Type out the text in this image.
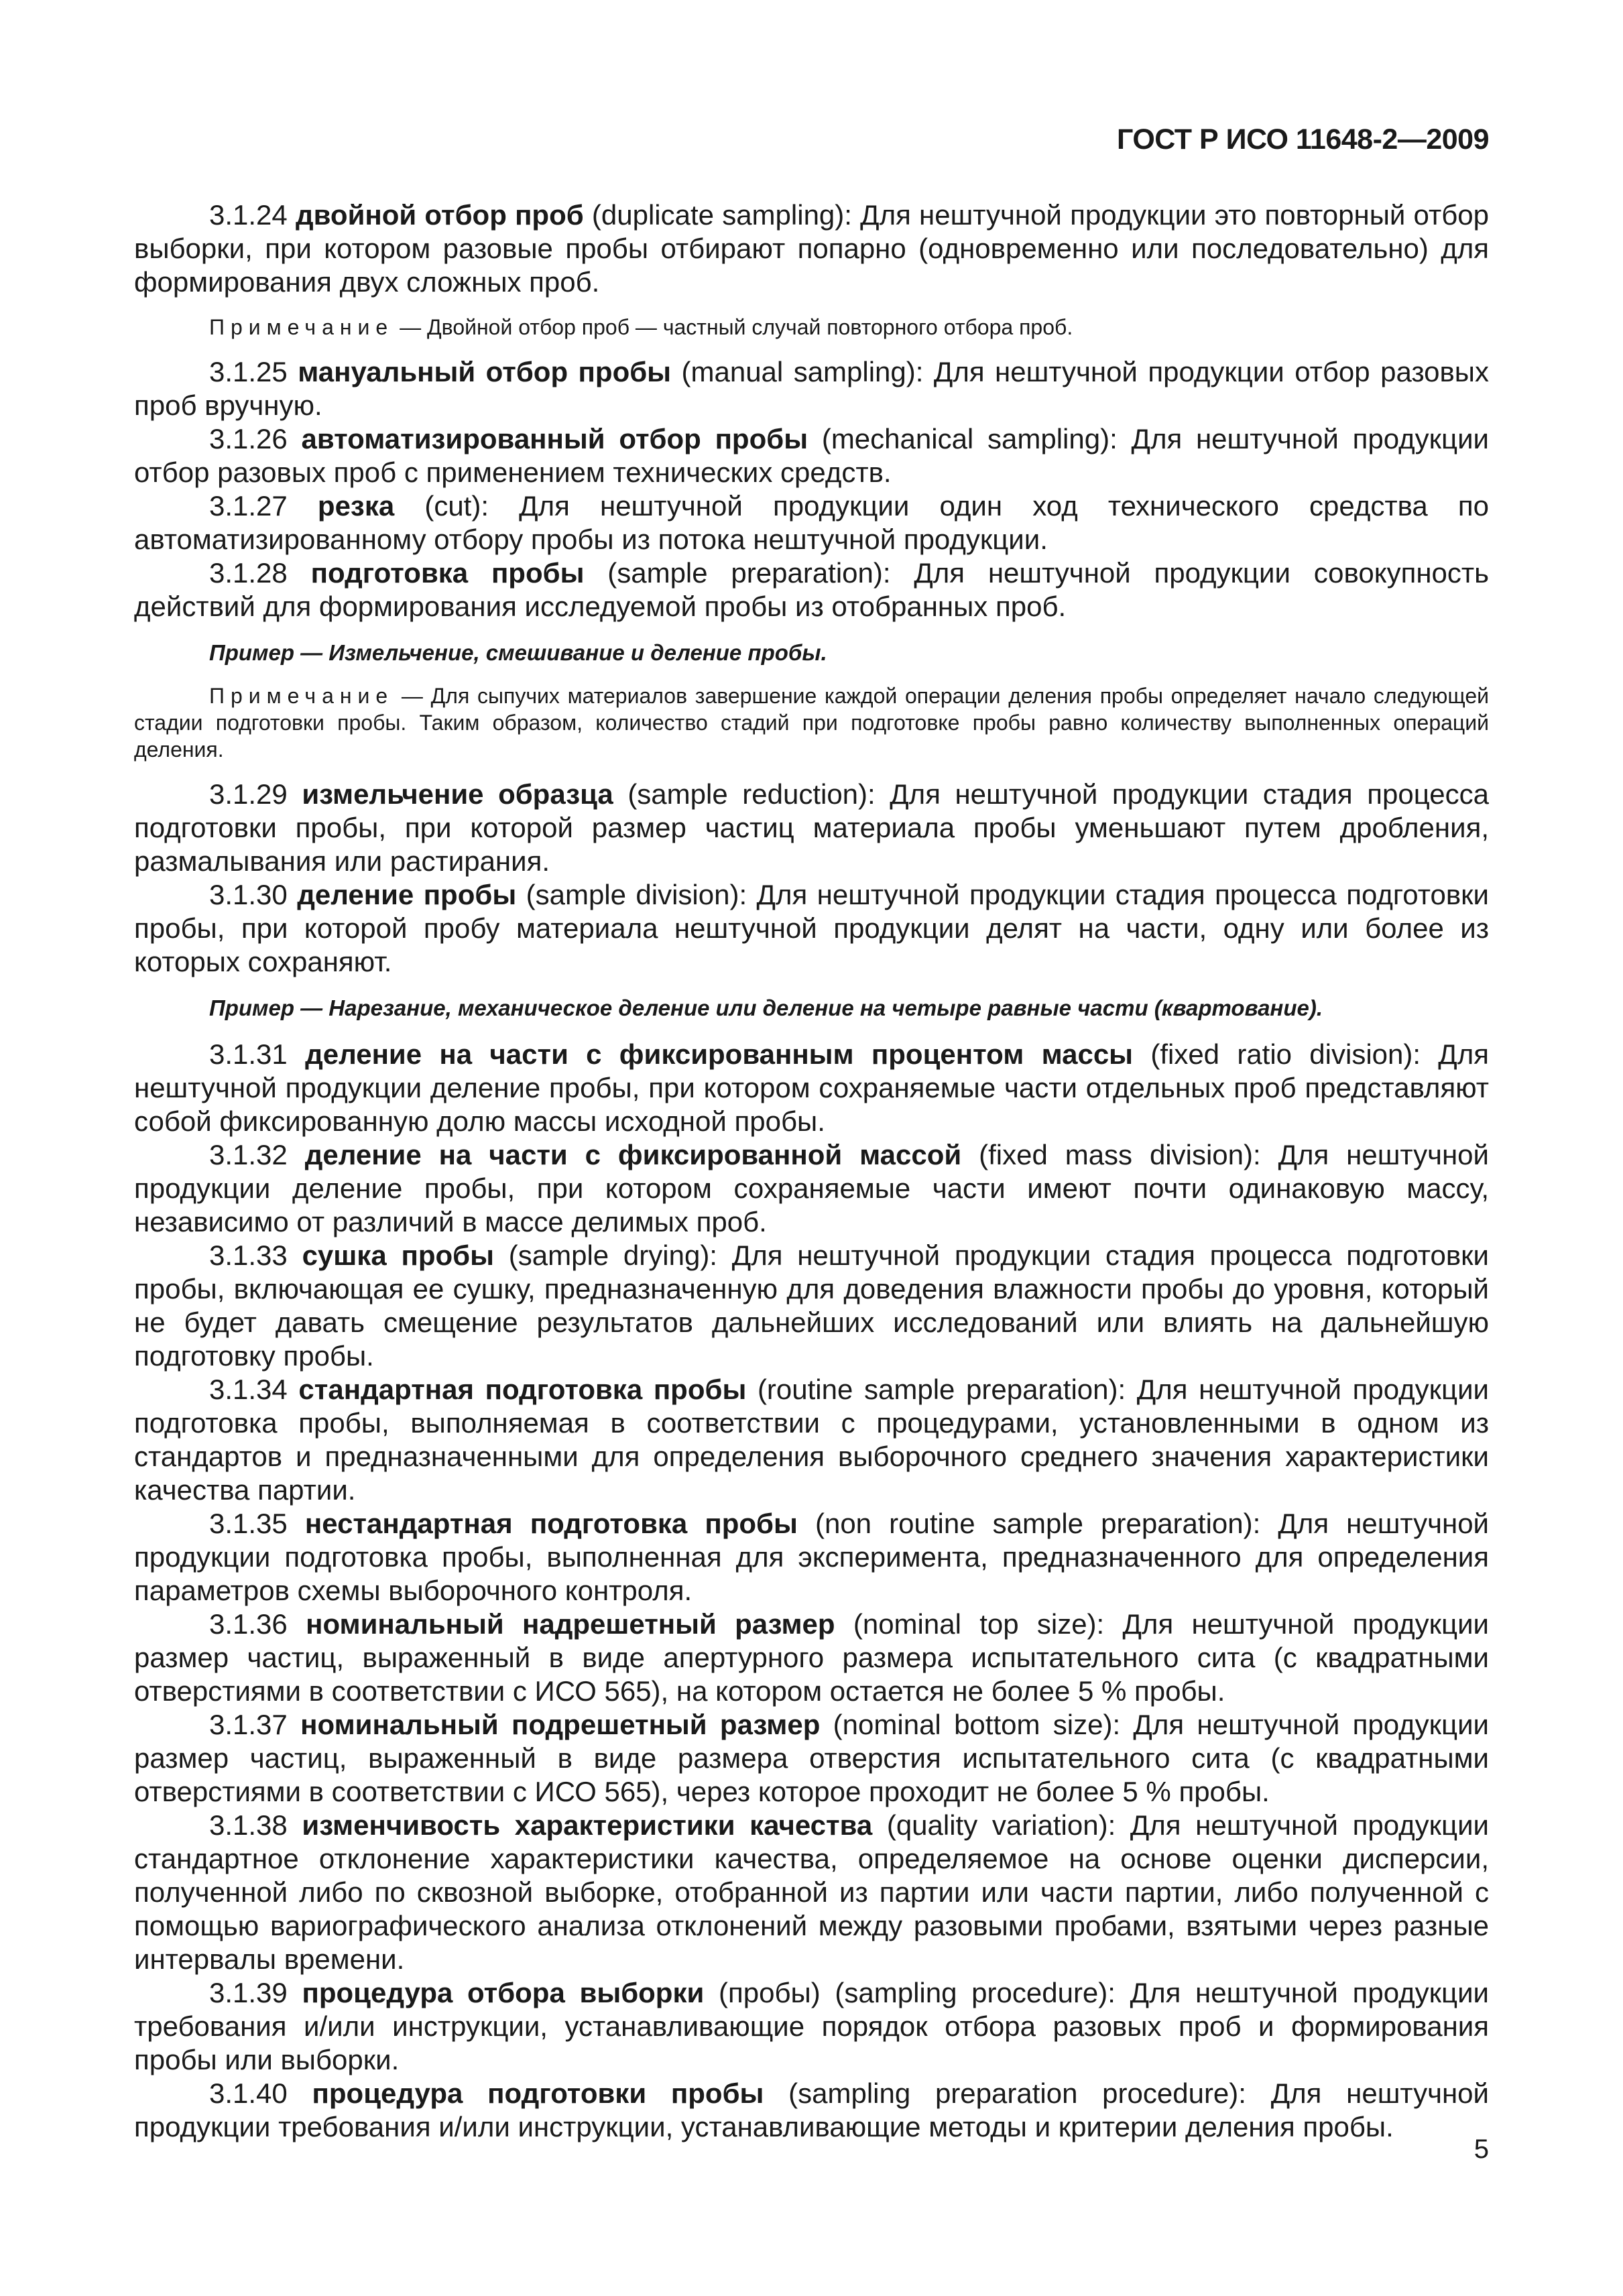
ГОСТ Р ИСО 11648-2—2009

3.1.24 двойной отбор проб (duplicate sampling): Для нештучной продукции это повторный отбор выборки, при котором разовые пробы отбирают попарно (одновременно или последовательно) для формирования двух сложных проб.

Примечание — Двойной отбор проб — частный случай повторного отбора проб.

3.1.25 мануальный отбор пробы (manual sampling): Для нештучной продукции отбор разовых проб вручную.

3.1.26 автоматизированный отбор пробы (mechanical sampling): Для нештучной продукции отбор разовых проб с применением технических средств.

3.1.27 резка (cut): Для нештучной продукции один ход технического средства по автоматизированному отбору пробы из потока нештучной продукции.

3.1.28 подготовка пробы (sample preparation): Для нештучной продукции совокупность действий для формирования исследуемой пробы из отобранных проб.

Пример — Измельчение, смешивание и деление пробы.

Примечание — Для сыпучих материалов завершение каждой операции деления пробы определяет начало следующей стадии подготовки пробы. Таким образом, количество стадий при подготовке пробы равно количеству выполненных операций деления.

3.1.29 измельчение образца (sample reduction): Для нештучной продукции стадия процесса подготовки пробы, при которой размер частиц материала пробы уменьшают путем дробления, размалывания или растирания.

3.1.30 деление пробы (sample division): Для нештучной продукции стадия процесса подготовки пробы, при которой пробу материала нештучной продукции делят на части, одну или более из которых сохраняют.

Пример — Нарезание, механическое деление или деление на четыре равные части (квартование).

3.1.31 деление на части с фиксированным процентом массы (fixed ratio division): Для нештучной продукции деление пробы, при котором сохраняемые части отдельных проб представляют собой фиксированную долю массы исходной пробы.

3.1.32 деление на части с фиксированной массой (fixed mass division): Для нештучной продукции деление пробы, при котором сохраняемые части имеют почти одинаковую массу, независимо от различий в массе делимых проб.

3.1.33 сушка пробы (sample drying): Для нештучной продукции стадия процесса подготовки пробы, включающая ее сушку, предназначенную для доведения влажности пробы до уровня, который не будет давать смещение результатов дальнейших исследований или влиять на дальнейшую подготовку пробы.

3.1.34 стандартная подготовка пробы (routine sample preparation): Для нештучной продукции подготовка пробы, выполняемая в соответствии с процедурами, установленными в одном из стандартов и предназначенными для определения выборочного среднего значения характеристики качества партии.

3.1.35 нестандартная подготовка пробы (non routine sample preparation): Для нештучной продукции подготовка пробы, выполненная для эксперимента, предназначенного для определения параметров схемы выборочного контроля.

3.1.36 номинальный надрешетный размер (nominal top size): Для нештучной продукции размер частиц, выраженный в виде апертурного размера испытательного сита (с квадратными отверстиями в соответствии с ИСО 565), на котором остается не более 5 % пробы.

3.1.37 номинальный подрешетный размер (nominal bottom size): Для нештучной продукции размер частиц, выраженный в виде размера отверстия испытательного сита (с квадратными отверстиями в соответствии с ИСО 565), через которое проходит не более 5 % пробы.

3.1.38 изменчивость характеристики качества (quality variation): Для нештучной продукции стандартное отклонение характеристики качества, определяемое на основе оценки дисперсии, полученной либо по сквозной выборке, отобранной из партии или части партии, либо полученной с помощью вариографического анализа отклонений между разовыми пробами, взятыми через разные интервалы времени.

3.1.39 процедура отбора выборки (пробы) (sampling procedure): Для нештучной продукции требования и/или инструкции, устанавливающие порядок отбора разовых проб и формирования пробы или выборки.

3.1.40 процедура подготовки пробы (sampling preparation procedure): Для нештучной продукции требования и/или инструкции, устанавливающие методы и критерии деления пробы.

5
